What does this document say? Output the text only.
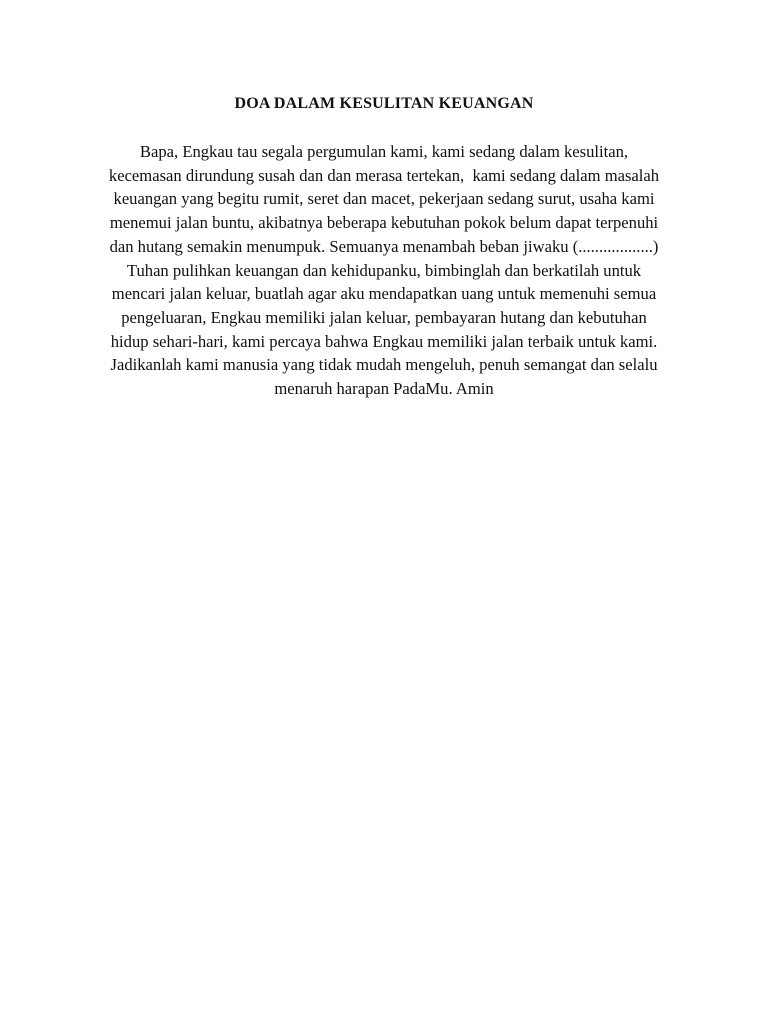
DOA DALAM KESULITAN KEUANGAN
Bapa, Engkau tau segala pergumulan kami, kami sedang dalam kesulitan,
kecemasan dirundung susah dan dan merasa tertekan,  kami sedang dalam masalah
keuangan yang begitu rumit, seret dan macet, pekerjaan sedang surut, usaha kami
menemui jalan buntu, akibatnya beberapa kebutuhan pokok belum dapat terpenuhi
dan hutang semakin menumpuk. Semuanya menambah beban jiwaku (..................)
Tuhan pulihkan keuangan dan kehidupanku, bimbinglah dan berkatilah untuk
mencari jalan keluar, buatlah agar aku mendapatkan uang untuk memenuhi semua
pengeluaran, Engkau memiliki jalan keluar, pembayaran hutang dan kebutuhan
hidup sehari-hari, kami percaya bahwa Engkau memiliki jalan terbaik untuk kami.
Jadikanlah kami manusia yang tidak mudah mengeluh, penuh semangat dan selalu
menaruh harapan PadaMu. Amin
